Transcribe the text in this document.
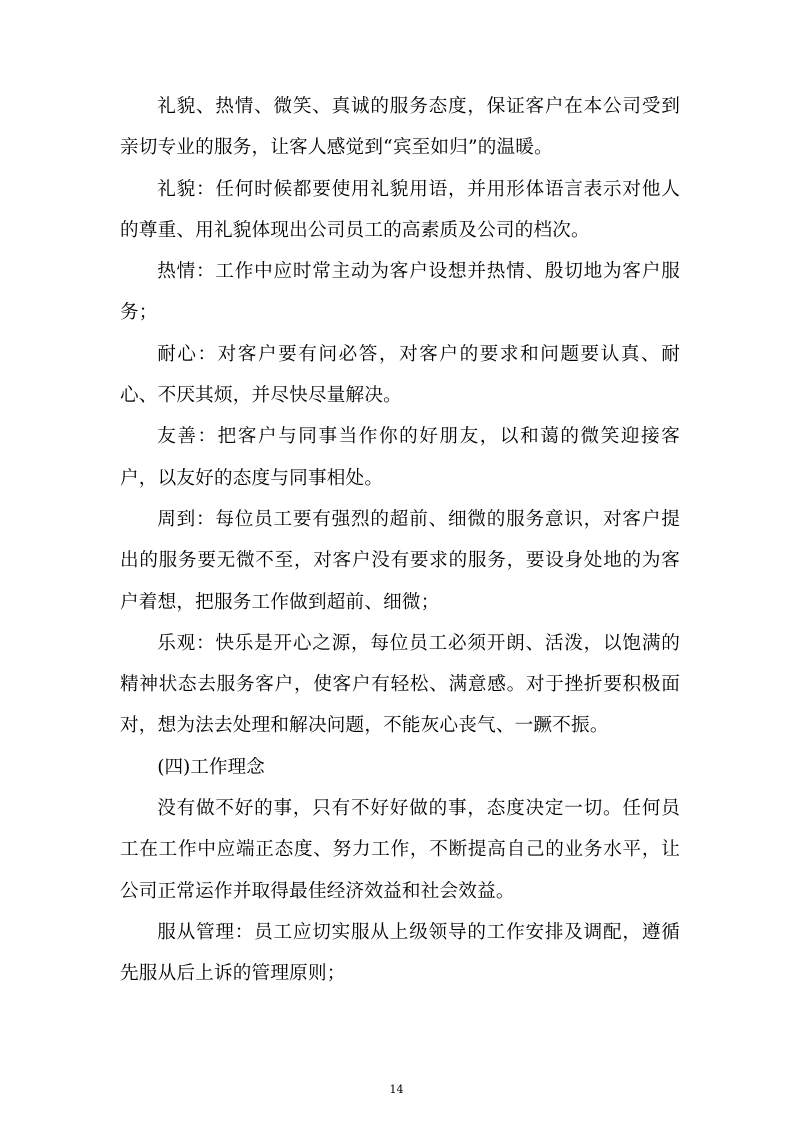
礼貌、热情、微笑、真诚的服务态度，保证客户在本公司受到亲切专业的服务，让客人感觉到“宾至如归”的温暖。

礼貌：任何时候都要使用礼貌用语，并用形体语言表示对他人的尊重、用礼貌体现出公司员工的高素质及公司的档次。

热情：工作中应时常主动为客户设想并热情、殷切地为客户服务；

耐心：对客户要有问必答，对客户的要求和问题要认真、耐心、不厌其烦，并尽快尽量解决。

友善：把客户与同事当作你的好朋友，以和蔼的微笑迎接客户，以友好的态度与同事相处。

周到：每位员工要有强烈的超前、细微的服务意识，对客户提出的服务要无微不至，对客户没有要求的服务，要设身处地的为客户着想，把服务工作做到超前、细微；

乐观：快乐是开心之源，每位员工必须开朗、活泼，以饱满的精神状态去服务客户，使客户有轻松、满意感。对于挫折要积极面对，想为法去处理和解决问题，不能灰心丧气、一蹶不振。

(四)工作理念

没有做不好的事，只有不好好做的事，态度决定一切。任何员工在工作中应端正态度、努力工作，不断提高自己的业务水平，让公司正常运作并取得最佳经济效益和社会效益。

服从管理：员工应切实服从上级领导的工作安排及调配，遵循先服从后上诉的管理原则；

14
